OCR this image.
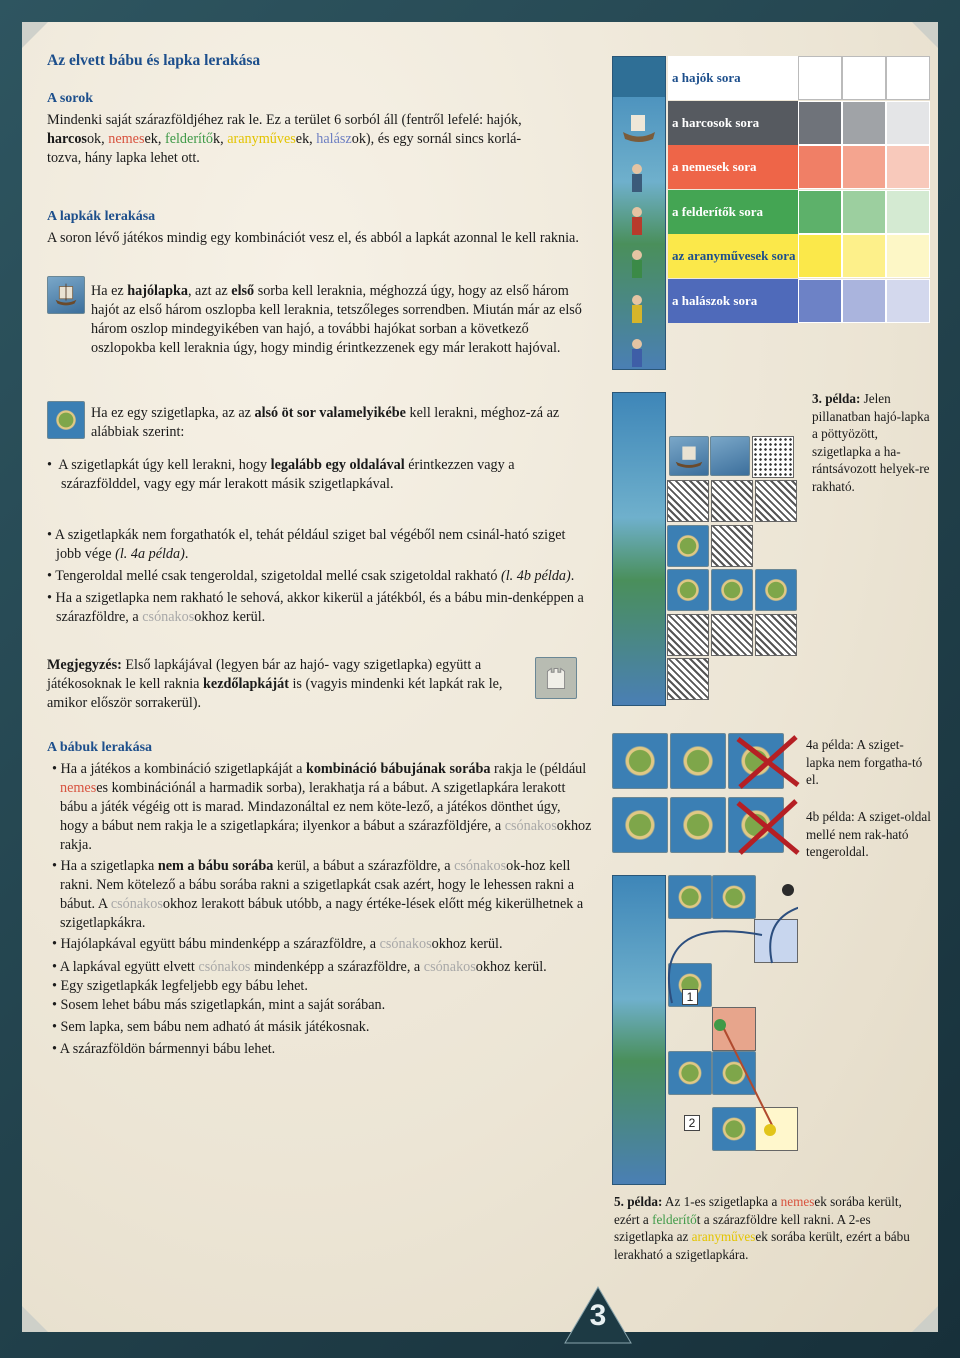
Az elvett bábu és lapka lerakása
A sorok
Mindenki saját szárazföldjéhez rak le. Ez a terület 6 sorból áll (fentről lefelé: hajók,
harcosok, nemesek, felderítők, aranyművesek, halászok), és egy sornál sincs korlá-
tozva, hány lapka lehet ott.
A lapkák lerakása
A soron lévő játékos mindig egy kombinációt vesz el, és abból a lapkát azonnal le kell raknia.
Ha ez hajólapka, azt az első sorba kell leraknia, méghozzá úgy, hogy az első három hajót az első három oszlopba kell leraknia, tetszőleges sorrendben. Miután már az első három oszlop mindegyikében van hajó, a további hajókat sorban a következő oszlopokba kell leraknia úgy, hogy mindig érintkezzenek egy már lerakott hajóval.
Ha ez egy szigetlapka, az az alsó öt sor valamelyikébe kell lerakni, méghoz-zá az alábbiak szerint:
•  A szigetlapkát úgy kell lerakni, hogy legalább egy oldalával érintkezzen vagy a szárazfölddel, vagy egy már lerakott másik szigetlapkával.
• A szigetlapkák nem forgathatók el, tehát például sziget bal végéből nem csinál-ható sziget jobb vége (l. 4a példa).
• Tengeroldal mellé csak tengeroldal, szigetoldal mellé csak szigetoldal rakható (l. 4b példa).
• Ha a szigetlapka nem rakható le sehová, akkor kikerül a játékból, és a bábu min-denképpen a szárazföldre, a csónakosokhoz kerül.
Megjegyzés: Első lapkájával (legyen bár az hajó- vagy szigetlapka) együtt a játékosoknak le kell raknia kezdőlapkáját is (vagyis mindenki két lapkát rak le, amikor először sorrakerül).
A bábuk lerakása
• Ha a játékos a kombináció szigetlapkáját a kombináció bábujának sorába rakja le (például nemeses kombinációnál a harmadik sorba), lerakhatja rá a bábut. A szigetlapkára lerakott bábu a játék végéig ott is marad. Mindazonáltal ez nem köte-lező, a játékos dönthet úgy, hogy a bábut nem rakja le a szigetlapkára; ilyenkor a bábut a szárazföldjére, a csónakosokhoz rakja.
• Ha a szigetlapka nem a bábu sorába kerül, a bábut a szárazföldre, a csónakosok-hoz kell rakni. Nem kötelező a bábu sorába rakni a szigetlapkát csak azért, hogy le lehessen rakni a bábut. A csónakosokhoz lerakott bábuk utóbb, a nagy értéke-lések előtt még kikerülhetnek a szigetlapkákra.
• Hajólapkával együtt bábu mindenképp a szárazföldre, a csónakosokhoz kerül.
• A lapkával együtt elvett csónakos mindenképp a szárazföldre, a csónakosokhoz kerül.
• Egy szigetlapkák legfeljebb egy bábu lehet.
• Sosem lehet bábu más szigetlapkán, mint a saját sorában.
• Sem lapka, sem bábu nem adható át másik játékosnak.
• A szárazföldön bármennyi bábu lehet.
a hajók sora
a harcosok sora
a nemesek sora
a felderítők sora
az aranyművesek sora
a halászok sora
3. példa: Jelen pillanatban hajó-lapka a pöttyözött, szigetlapka a ha-rántsávozott helyek-re rakható.
4a példa: A sziget-lapka nem forgatha-tó el.
4b példa: A sziget-oldal mellé nem rak-ható tengeroldal.
1
2
5. példa: Az 1-es szigetlapka a nemesek sorába került, ezért a felderítőt a szárazföldre kell rakni. A 2-es szigetlapka az aranyművesek sorába került, ezért a bábu lerakható a szigetlapkára.
3
